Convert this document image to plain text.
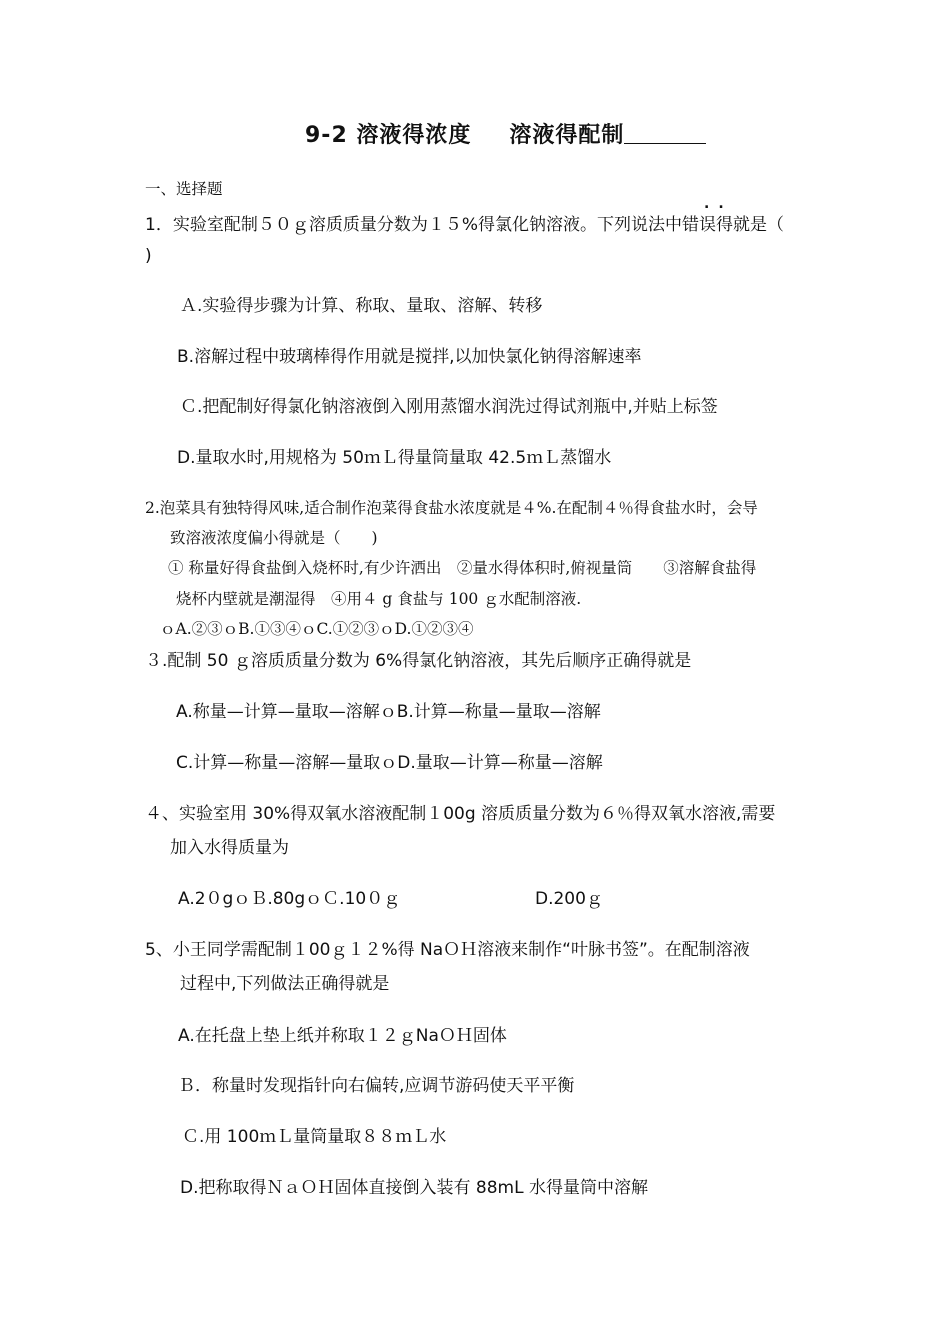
9-2 溶液得浓度 溶液得配制
一、选择题
..
1．实验室配制５０ｇ溶质质量分数为１５%得氯化钠溶液。下列说法中错误得就是（
)
Ａ.实验得步骤为计算、称取、量取、溶解、转移
B.溶解过程中玻璃棒得作用就是搅拌,以加快氯化钠得溶解速率
Ｃ.把配制好得氯化钠溶液倒入刚用蒸馏水润洗过得试剂瓶中,并贴上标签
D.量取水时,用规格为 50ｍＬ得量筒量取 42.5ｍＬ蒸馏水
2.泡菜具有独特得风味,适合制作泡菜得食盐水浓度就是４%.在配制４％得食盐水时，会导
致溶液浓度偏小得就是（　　)
① 称量好得食盐倒入烧杯时,有少许洒出　②量水得体积时,俯视量筒　　③溶解食盐得
烧杯内壁就是潮湿得　④用４ g 食盐与 100 ｇ水配制溶液.
ｏA.②③ｏB.①③④ｏC.①②③ｏD.①②③④
３.配制 50 ｇ溶质质量分数为 6%得氯化钠溶液，其先后顺序正确得就是
A.称量—计算—量取—溶解ｏB.计算—称量—量取—溶解
C.计算—称量—溶解—量取ｏD.量取—计算—称量—溶解
４、实验室用 30%得双氧水溶液配制１00g 溶质质量分数为６％得双氧水溶液,需要
加入水得质量为
A.2０gｏＢ.80gｏＣ.10０ｇ	D.200ｇ
5、小王同学需配制１00ｇ１２%得 NaＯＨ溶液来制作“叶脉书签”。在配制溶液
过程中,下列做法正确得就是
A.在托盘上垫上纸并称取１２ｇNaＯＨ固体
Ｂ．称量时发现指针向右偏转,应调节游码使天平平衡
Ｃ.用 100ｍＬ量筒量取８８ｍＬ水
D.把称取得ＮａＯＨ固体直接倒入装有 88mL 水得量筒中溶解
